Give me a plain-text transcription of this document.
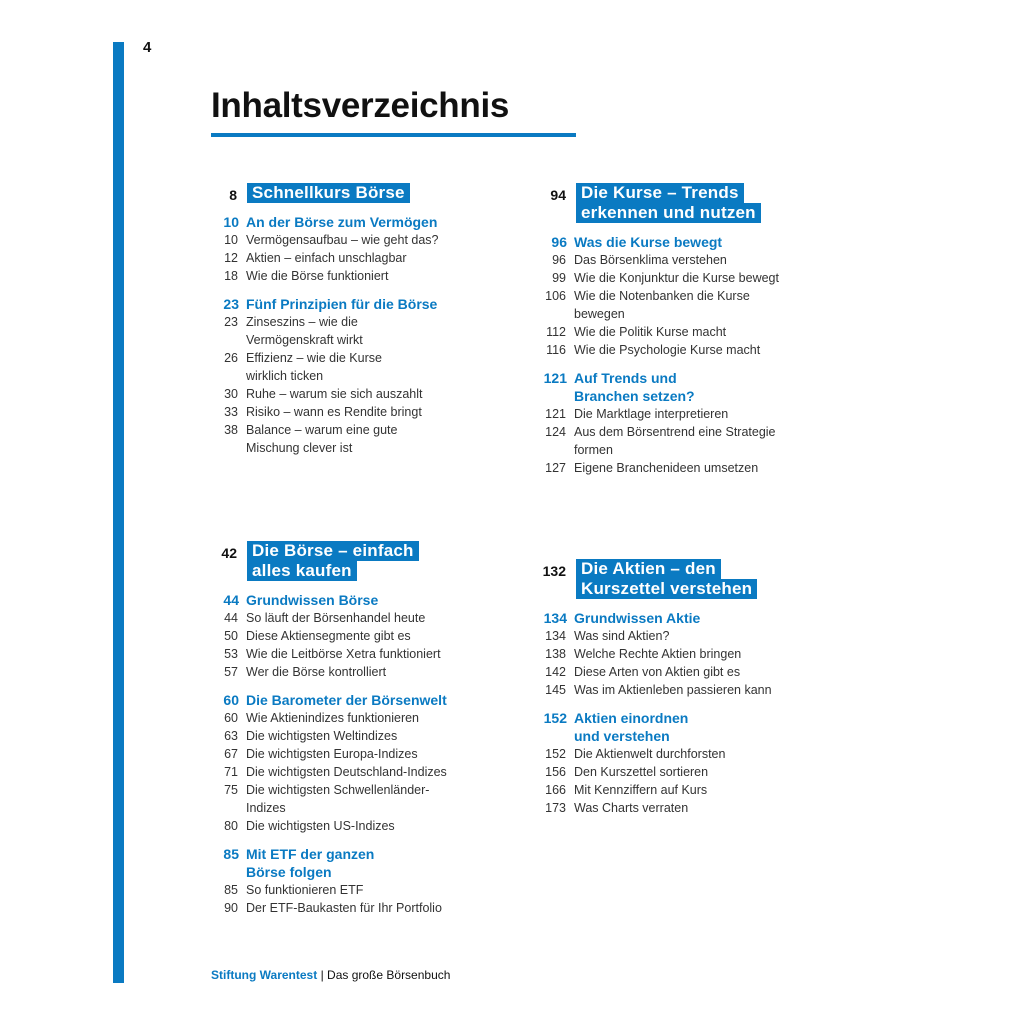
4
Inhaltsverzeichnis
8 Schnellkurs Börse
10 An der Börse zum Vermögen
10 Vermögensaufbau – wie geht das?
12 Aktien – einfach unschlagbar
18 Wie die Börse funktioniert
23 Fünf Prinzipien für die Börse
23 Zinseszins – wie die
Vermögenskraft wirkt
26 Effizienz – wie die Kurse
wirklich ticken
30 Ruhe – warum sie sich auszahlt
33 Risiko – wann es Rendite bringt
38 Balance – warum eine gute
Mischung clever ist
94 Die Kurse – Trends
erkennen und nutzen
96 Was die Kurse bewegt
96 Das Börsenklima verstehen
99 Wie die Konjunktur die Kurse bewegt
106 Wie die Notenbanken die Kurse
bewegen
112 Wie die Politik Kurse macht
116 Wie die Psychologie Kurse macht
121 Auf Trends und
Branchen setzen?
121 Die Marktlage interpretieren
124 Aus dem Börsentrend eine Strategie
formen
127 Eigene Branchenideen umsetzen
42 Die Börse – einfach
alles kaufen
44 Grundwissen Börse
44 So läuft der Börsenhandel heute
50 Diese Aktiensegmente gibt es
53 Wie die Leitbörse Xetra funktioniert
57 Wer die Börse kontrolliert
60 Die Barometer der Börsenwelt
60 Wie Aktienindizes funktionieren
63 Die wichtigsten Weltindizes
67 Die wichtigsten Europa-Indizes
71 Die wichtigsten Deutschland-Indizes
75 Die wichtigsten Schwellenländer-
Indizes
80 Die wichtigsten US-Indizes
85 Mit ETF der ganzen
Börse folgen
85 So funktionieren ETF
90 Der ETF-Baukasten für Ihr Portfolio
132 Die Aktien – den
Kurszettel verstehen
134 Grundwissen Aktie
134 Was sind Aktien?
138 Welche Rechte Aktien bringen
142 Diese Arten von Aktien gibt es
145 Was im Aktienleben passieren kann
152 Aktien einordnen
und verstehen
152 Die Aktienwelt durchforsten
156 Den Kurszettel sortieren
166 Mit Kennziffern auf Kurs
173 Was Charts verraten
Stiftung Warentest | Das große Börsenbuch
